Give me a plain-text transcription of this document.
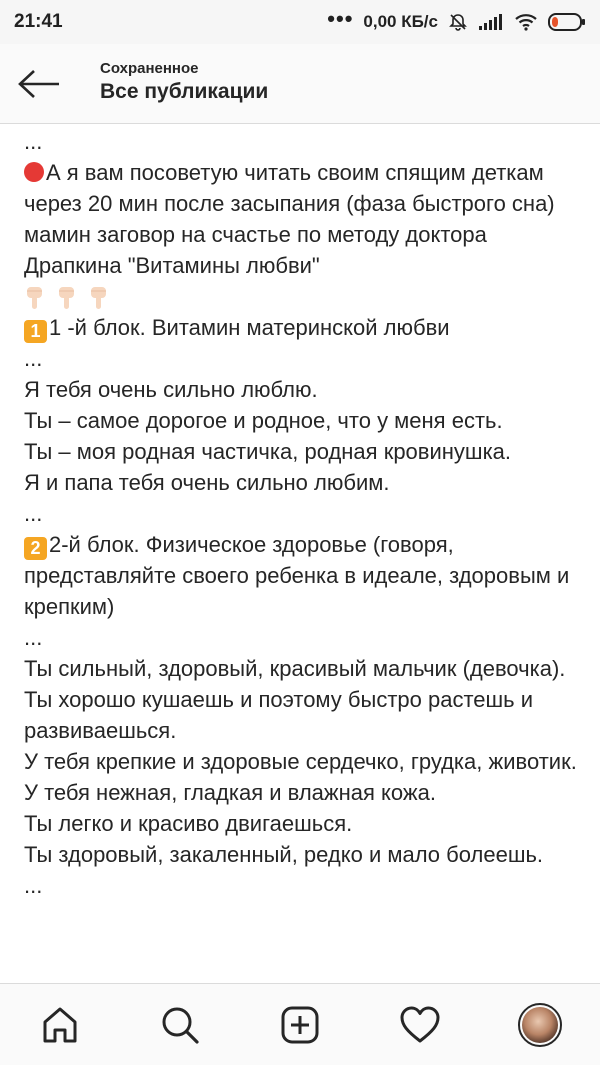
21:41	••• 0,00 КБ/с
Сохраненное
Все публикации

...

А я вам посоветую читать своим спящим деткам через 20 мин после засыпания (фаза быстрого сна) мамин заговор на счастье по методу доктора Драпкина "Витамины любви"

1 1 -й блок. Витамин материнской любви

...

Я тебя очень сильно люблю.

Ты – самое дорогое и родное, что у меня есть.

Ты – моя родная частичка, родная кровинушка.

Я и папа тебя очень сильно любим.

...

2 2-й блок. Физическое здоровье (говоря, представляйте своего ребенка в идеале, здоровым и крепким)

...

Ты сильный, здоровый, красивый мальчик (девочка).

Ты хорошо кушаешь и поэтому быстро растешь и развиваешься.

У тебя крепкие и здоровые сердечко, грудка, животик.

У тебя нежная, гладкая и влажная кожа.

Ты легко и красиво двигаешься.

Ты здоровый, закаленный, редко и мало болеешь.

...
